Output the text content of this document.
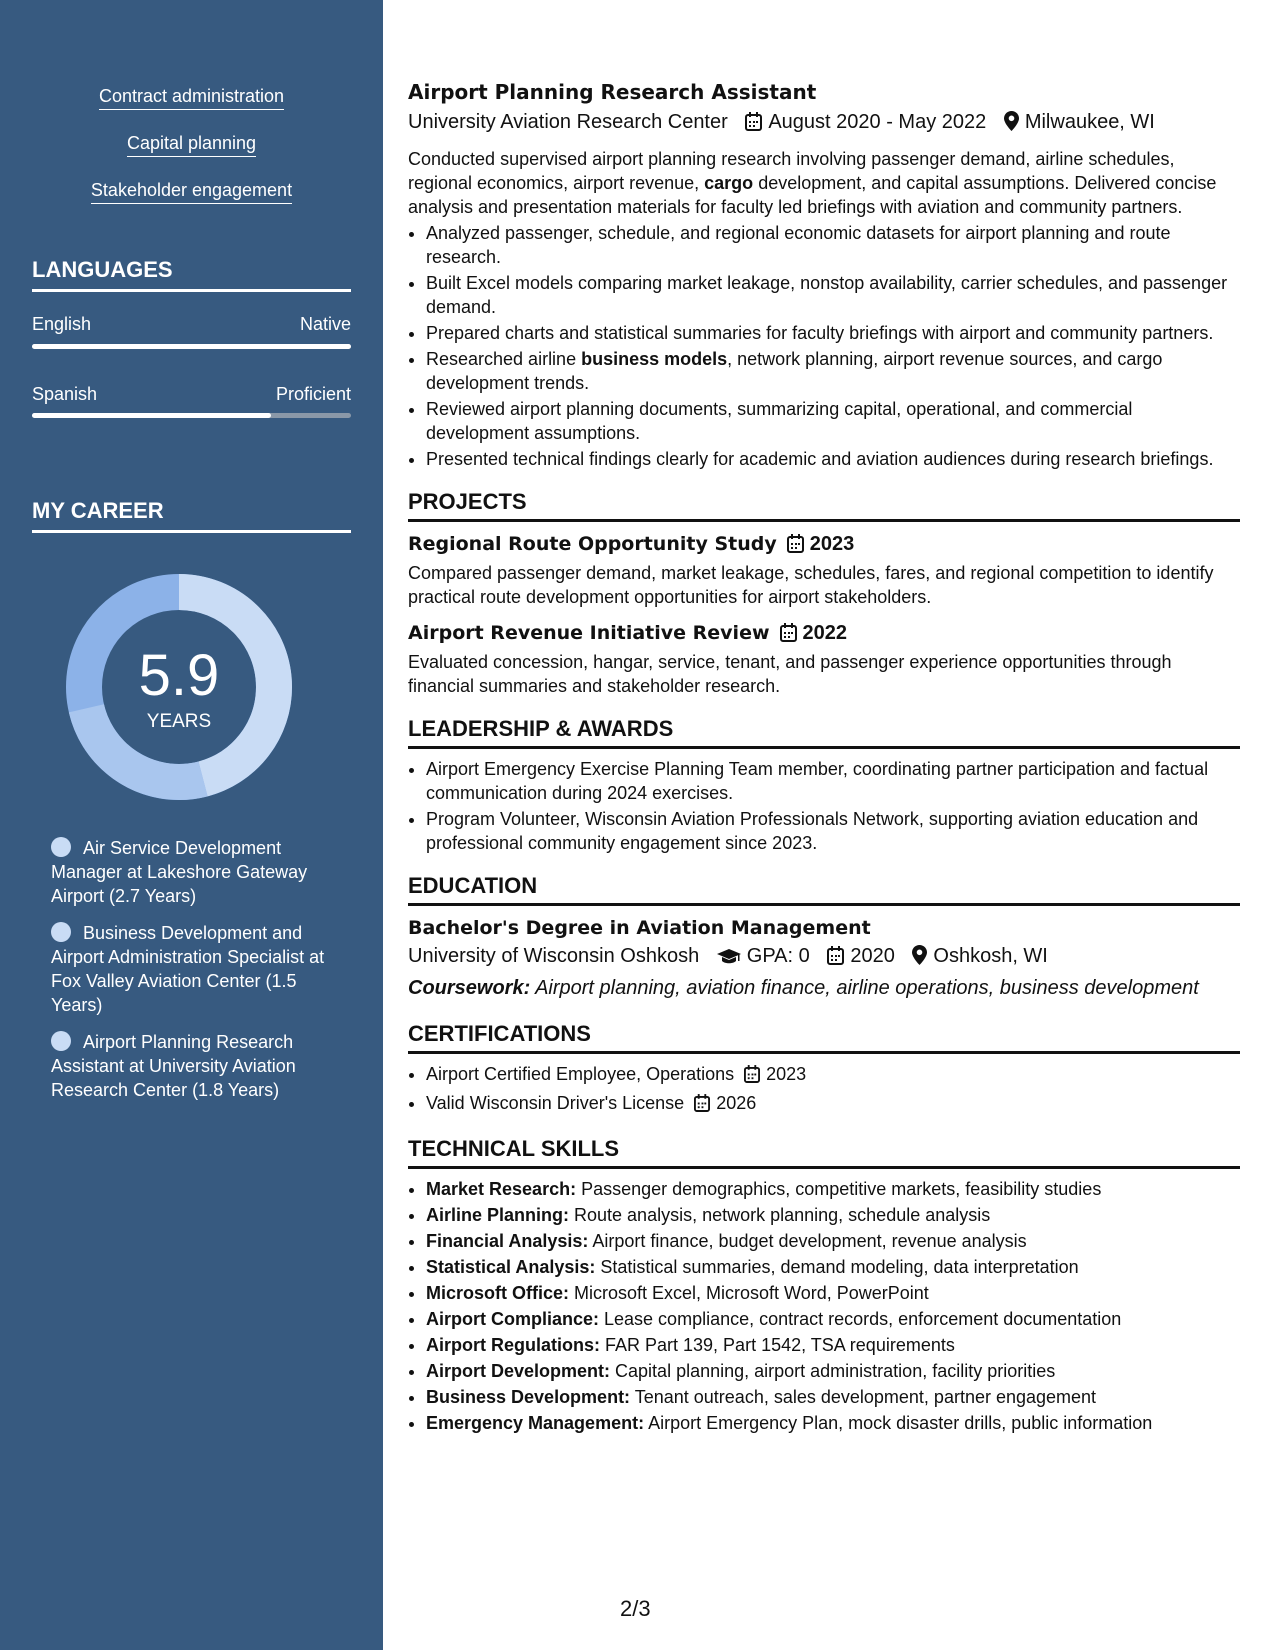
Contract administration
Capital planning
Stakeholder engagement
LANGUAGES
English	Native
Spanish	Proficient
MY CAREER
5.9
YEARS
Air Service Development Manager at Lakeshore Gateway Airport (2.7 Years)
Business Development and Airport Administration Specialist at Fox Valley Aviation Center (1.5 Years)
Airport Planning Research Assistant at University Aviation Research Center (1.8 Years)
Airport Planning Research Assistant
University Aviation Research Center August 2020 - May 2022 Milwaukee, WI

Conducted supervised airport planning research involving passenger demand, airline schedules, regional economics, airport revenue, cargo development, and capital assumptions. Delivered concise analysis and presentation materials for faculty led briefings with aviation and community partners.

• Analyzed passenger, schedule, and regional economic datasets for airport planning and route research.
• Built Excel models comparing market leakage, nonstop availability, carrier schedules, and passenger demand.
• Prepared charts and statistical summaries for faculty briefings with airport and community partners.
• Researched airline business models, network planning, airport revenue sources, and cargo development trends.
• Reviewed airport planning documents, summarizing capital, operational, and commercial development assumptions.
• Presented technical findings clearly for academic and aviation audiences during research briefings.
PROJECTS
Regional Route Opportunity Study 2023
Compared passenger demand, market leakage, schedules, fares, and regional competition to identify practical route development opportunities for airport stakeholders.
Airport Revenue Initiative Review 2022
Evaluated concession, hangar, service, tenant, and passenger experience opportunities through financial summaries and stakeholder research.
LEADERSHIP & AWARDS
• Airport Emergency Exercise Planning Team member, coordinating partner participation and factual communication during 2024 exercises.
• Program Volunteer, Wisconsin Aviation Professionals Network, supporting aviation education and professional community engagement since 2023.
EDUCATION
Bachelor's Degree in Aviation Management
University of Wisconsin Oshkosh GPA: 0 2020 Oshkosh, WI
Coursework: Airport planning, aviation finance, airline operations, business development
CERTIFICATIONS
• Airport Certified Employee, Operations 2023
• Valid Wisconsin Driver's License 2026
TECHNICAL SKILLS
• Market Research: Passenger demographics, competitive markets, feasibility studies
• Airline Planning: Route analysis, network planning, schedule analysis
• Financial Analysis: Airport finance, budget development, revenue analysis
• Statistical Analysis: Statistical summaries, demand modeling, data interpretation
• Microsoft Office: Microsoft Excel, Microsoft Word, PowerPoint
• Airport Compliance: Lease compliance, contract records, enforcement documentation
• Airport Regulations: FAR Part 139, Part 1542, TSA requirements
• Airport Development: Capital planning, airport administration, facility priorities
• Business Development: Tenant outreach, sales development, partner engagement
• Emergency Management: Airport Emergency Plan, mock disaster drills, public information
2/3
